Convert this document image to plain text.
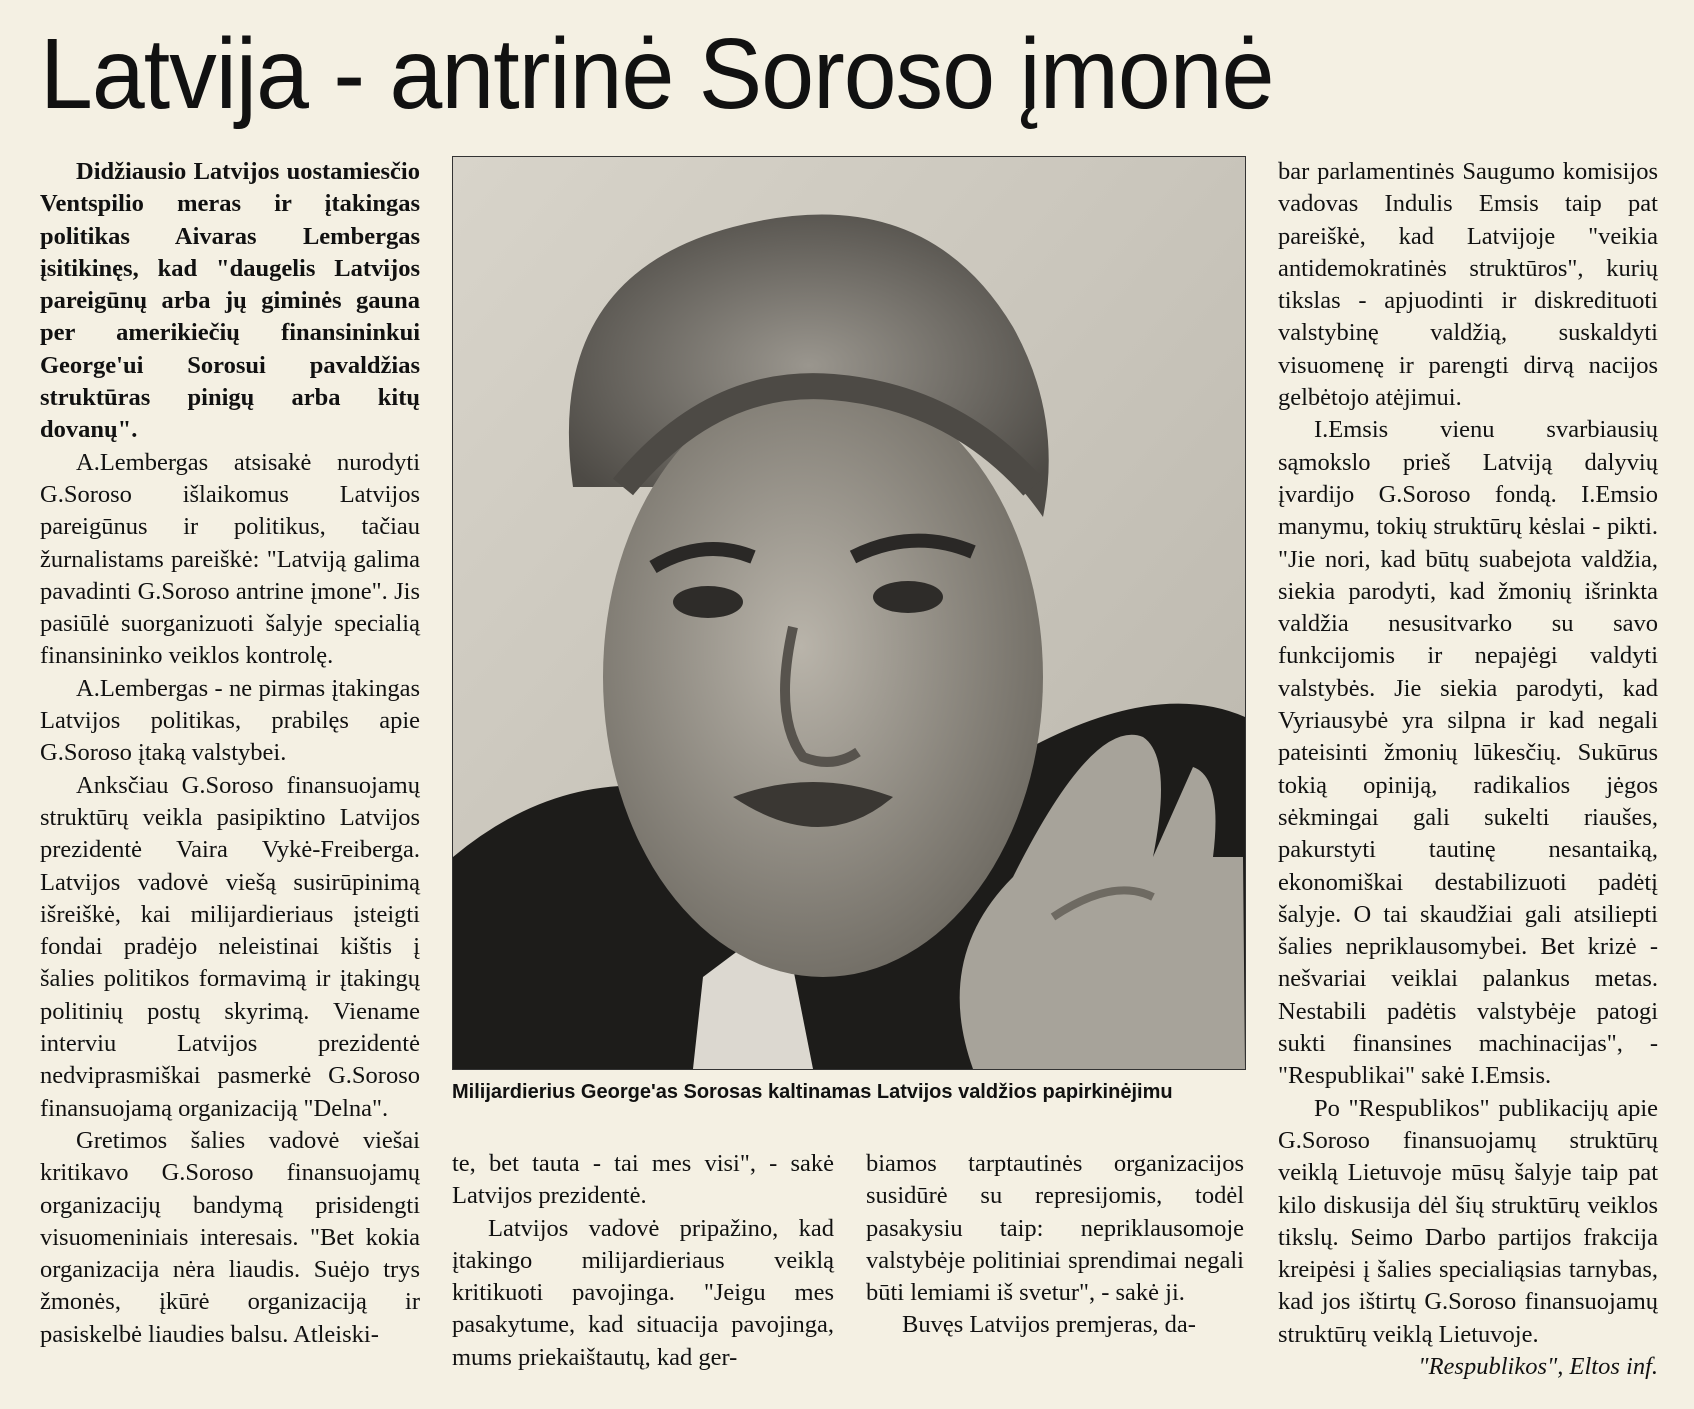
Latvija - antrinė Soroso įmonė

Didžiausio Latvijos uostamiesčio Ventspilio meras ir įtakingas politikas Aivaras Lembergas įsitikinęs, kad "daugelis Latvijos pareigūnų arba jų giminės gauna per amerikiečių finansininkui George'ui Sorosui pavaldžias struktūras pinigų arba kitų dovanų".

A.Lembergas atsisakė nurodyti G.Soroso išlaikomus Latvijos pareigūnus ir politikus, tačiau žurnalistams pareiškė: "Latviją galima pavadinti G.Soroso antrine įmone". Jis pasiūlė suorganizuoti šalyje specialią finansininko veiklos kontrolę.

A.Lembergas - ne pirmas įtakingas Latvijos politikas, prabilęs apie G.Soroso įtaką valstybei.

Anksčiau G.Soroso finansuojamų struktūrų veikla pasipiktino Latvijos prezidentė Vaira Vykė-Freiberga. Latvijos vadovė viešą susirūpinimą išreiškė, kai milijardieriaus įsteigti fondai pradėjo neleistinai kištis į šalies politikos formavimą ir įtakingų politinių postų skyrimą. Viename interviu Latvijos prezidentė nedviprasmiškai pasmerkė G.Soroso finansuojamą organizaciją "Delna".

Gretimos šalies vadovė viešai kritikavo G.Soroso finansuojamų organizacijų bandymą prisidengti visuomeniniais interesais. "Bet kokia organizacija nėra liaudis. Suėjo trys žmonės, įkūrė organizaciją ir pasiskelbė liaudies balsu. Atleiski-

Milijardierius George'as Sorosas kaltinamas Latvijos valdžios papirkinėjimu

te, bet tauta - tai mes visi", - sakė Latvijos prezidentė.

Latvijos vadovė pripažino, kad įtakingo milijardieriaus veiklą kritikuoti pavojinga. "Jeigu mes pasakytume, kad situacija pavojinga, mums priekaištautų, kad ger-

biamos tarptautinės organizacijos susidūrė su represijomis, todėl pasakysiu taip: nepriklausomoje valstybėje politiniai sprendimai negali būti lemiami iš svetur", - sakė ji.

Buvęs Latvijos premjeras, da-

bar parlamentinės Saugumo komisijos vadovas Indulis Emsis taip pat pareiškė, kad Latvijoje "veikia antidemokratinės struktūros", kurių tikslas - apjuodinti ir diskredituoti valstybinę valdžią, suskaldyti visuomenę ir parengti dirvą nacijos gelbėtojo atėjimui.

I.Emsis vienu svarbiausių sąmokslo prieš Latviją dalyvių įvardijo G.Soroso fondą. I.Emsio manymu, tokių struktūrų kėslai - pikti. "Jie nori, kad būtų suabejota valdžia, siekia parodyti, kad žmonių išrinkta valdžia nesusitvarko su savo funkcijomis ir nepajėgi valdyti valstybės. Jie siekia parodyti, kad Vyriausybė yra silpna ir kad negali pateisinti žmonių lūkesčių. Sukūrus tokią opiniją, radikalios jėgos sėkmingai gali sukelti riaušes, pakurstyti tautinę nesantaiką, ekonomiškai destabilizuoti padėtį šalyje. O tai skaudžiai gali atsiliepti šalies nepriklausomybei. Bet krizė - nešvariai veiklai palankus metas. Nestabili padėtis valstybėje patogi sukti finansines machinacijas", - "Respublikai" sakė I.Emsis.

Po "Respublikos" publikacijų apie G.Soroso finansuojamų struktūrų veiklą Lietuvoje mūsų šalyje taip pat kilo diskusija dėl šių struktūrų veiklos tikslų. Seimo Darbo partijos frakcija kreipėsi į šalies specialiąsias tarnybas, kad jos ištirtų G.Soroso finansuojamų struktūrų veiklą Lietuvoje.

"Respublikos", Eltos inf.
